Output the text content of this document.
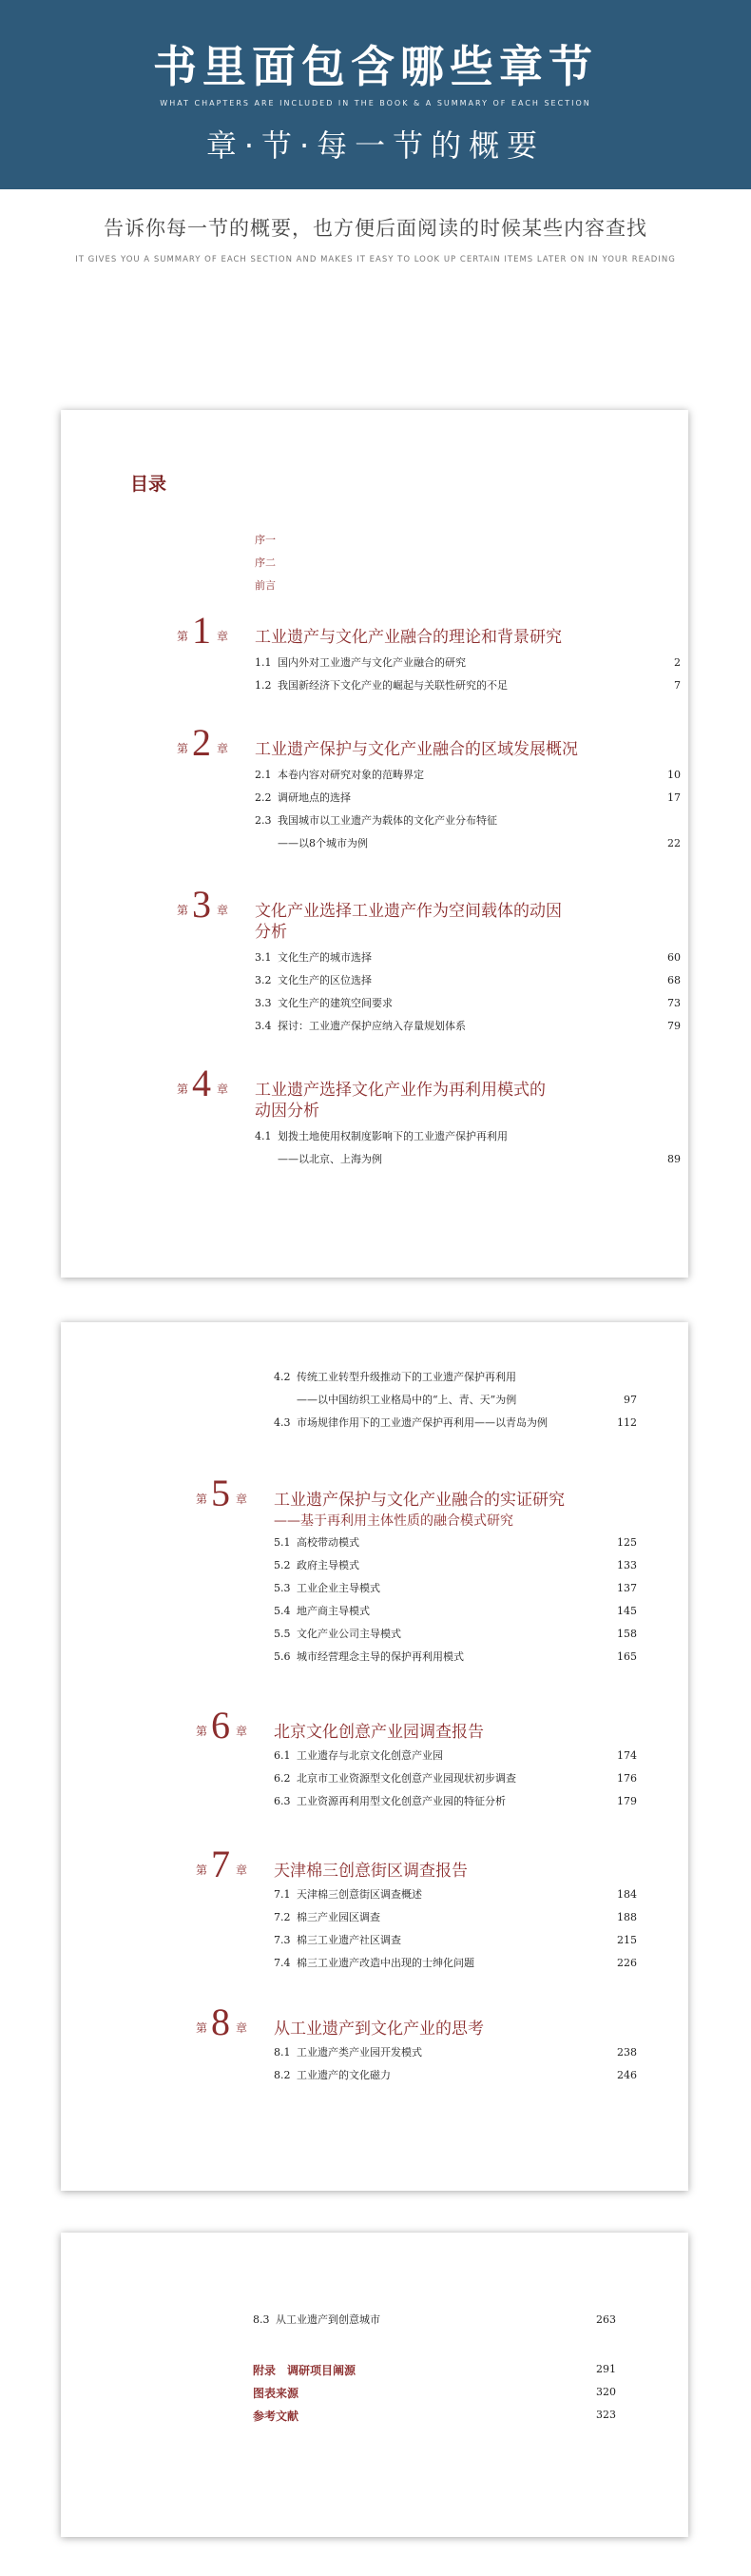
书里面包含哪些章节
WHAT CHAPTERS ARE INCLUDED IN THE BOOK & A SUMMARY OF EACH SECTION
章·节·每一节的概要
告诉你每一节的概要，也方便后面阅读的时候某些内容查找
IT GIVES YOU A SUMMARY OF EACH SECTION AND MAKES IT EASY TO LOOK UP CERTAIN ITEMS LATER ON IN YOUR READING
目录
序一
序二
前言
第 1 章 工业遗产与文化产业融合的理论和背景研究
1.1 国内外对工业遗产与文化产业融合的研究	2
1.2 我国新经济下文化产业的崛起与关联性研究的不足	7
第 2 章 工业遗产保护与文化产业融合的区域发展概况
2.1 本卷内容对研究对象的范畴界定	10
2.2 调研地点的选择	17
2.3 我国城市以工业遗产为载体的文化产业分布特征
——以8个城市为例	22
第 3 章 文化产业选择工业遗产作为空间载体的动因
分析
3.1 文化生产的城市选择	60
3.2 文化生产的区位选择	68
3.3 文化生产的建筑空间要求	73
3.4 探讨：工业遗产保护应纳入存量规划体系	79
第 4 章 工业遗产选择文化产业作为再利用模式的
动因分析
4.1 划拨土地使用权制度影响下的工业遗产保护再利用
——以北京、上海为例	89
4.2 传统工业转型升级推动下的工业遗产保护再利用
——以中国纺织工业格局中的“上、青、天”为例	97
4.3 市场规律作用下的工业遗产保护再利用——以青岛为例	112
第 5 章 工业遗产保护与文化产业融合的实证研究
——基于再利用主体性质的融合模式研究
5.1 高校带动模式	125
5.2 政府主导模式	133
5.3 工业企业主导模式	137
5.4 地产商主导模式	145
5.5 文化产业公司主导模式	158
5.6 城市经营理念主导的保护再利用模式	165
第 6 章 北京文化创意产业园调查报告
6.1 工业遗存与北京文化创意产业园	174
6.2 北京市工业资源型文化创意产业园现状初步调查	176
6.3 工业资源再利用型文化创意产业园的特征分析	179
第 7 章 天津棉三创意街区调查报告
7.1 天津棉三创意街区调查概述	184
7.2 棉三产业园区调查	188
7.3 棉三工业遗产社区调查	215
7.4 棉三工业遗产改造中出现的士绅化问题	226
第 8 章 从工业遗产到文化产业的思考
8.1 工业遗产类产业园开发模式	238
8.2 工业遗产的文化磁力	246
8.3 从工业遗产到创意城市	263
附录　调研项目阐源	291
图表来源	320
参考文献	323
